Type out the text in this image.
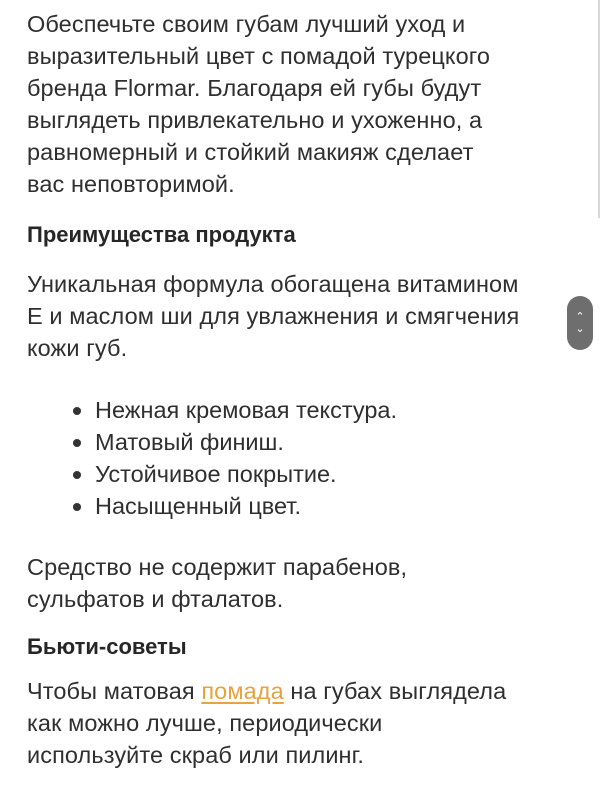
Обеспечьте своим губам лучший уход и
выразительный цвет с помадой турецкого
бренда Flormar. Благодаря ей губы будут
выглядеть привлекательно и ухоженно, а
равномерный и стойкий макияж сделает
вас неповторимой.

Преимущества продукта

Уникальная формула обогащена витамином
Е и маслом ши для увлажнения и смягчения
кожи губ.

Нежная кремовая текстура.
Матовый финиш.
Устойчивое покрытие.
Насыщенный цвет.

Средство не содержит парабенов,
сульфатов и фталатов.

Бьюти-советы

Чтобы матовая помада на губах выглядела
как можно лучше, периодически
используйте скраб или пилинг.

⌃
⌄
